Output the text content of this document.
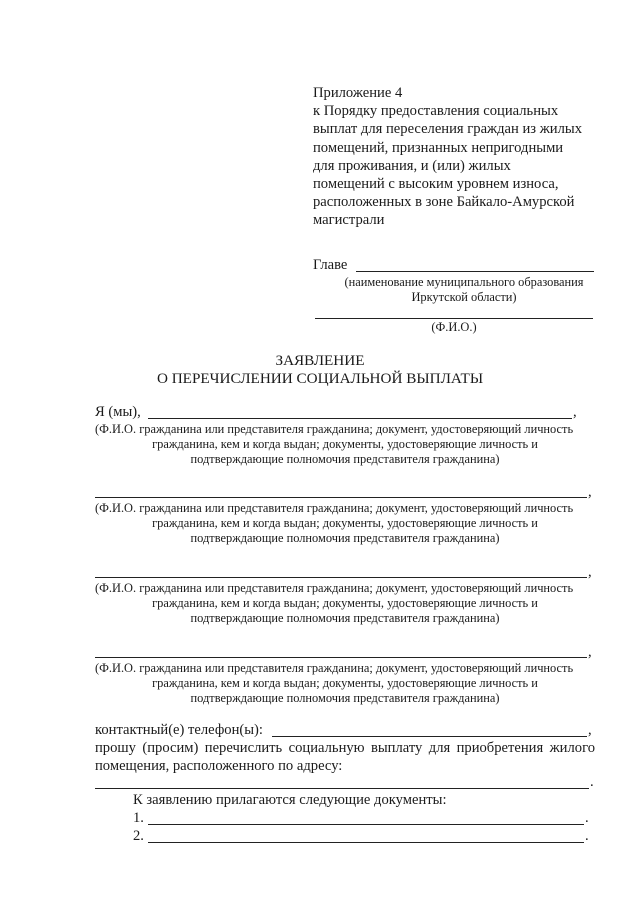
Приложение 4
к Порядку предоставления социальных
выплат для переселения граждан из жилых
помещений, признанных непригодными
для проживания, и (или) жилых
помещений с высоким уровнем износа,
расположенных в зоне Байкало-Амурской
магистрали
Главе
(наименование муниципального образования
Иркутской области)
(Ф.И.О.)
ЗАЯВЛЕНИЕ
О ПЕРЕЧИСЛЕНИИ СОЦИАЛЬНОЙ ВЫПЛАТЫ
Я (мы),	,
(Ф.И.О. гражданина или представителя гражданина; документ, удостоверяющий личность
гражданина, кем и когда выдан; документы, удостоверяющие личность и
подтверждающие полномочия представителя гражданина)
,
(Ф.И.О. гражданина или представителя гражданина; документ, удостоверяющий личность
гражданина, кем и когда выдан; документы, удостоверяющие личность и
подтверждающие полномочия представителя гражданина)
,
(Ф.И.О. гражданина или представителя гражданина; документ, удостоверяющий личность
гражданина, кем и когда выдан; документы, удостоверяющие личность и
подтверждающие полномочия представителя гражданина)
,
(Ф.И.О. гражданина или представителя гражданина; документ, удостоверяющий личность
гражданина, кем и когда выдан; документы, удостоверяющие личность и
подтверждающие полномочия представителя гражданина)
контактный(е) телефон(ы):	,
прошу (просим) перечислить социальную выплату для приобретения жилого
помещения, расположенного по адресу:
.
К заявлению прилагаются следующие документы:
1.	.
2.	.
